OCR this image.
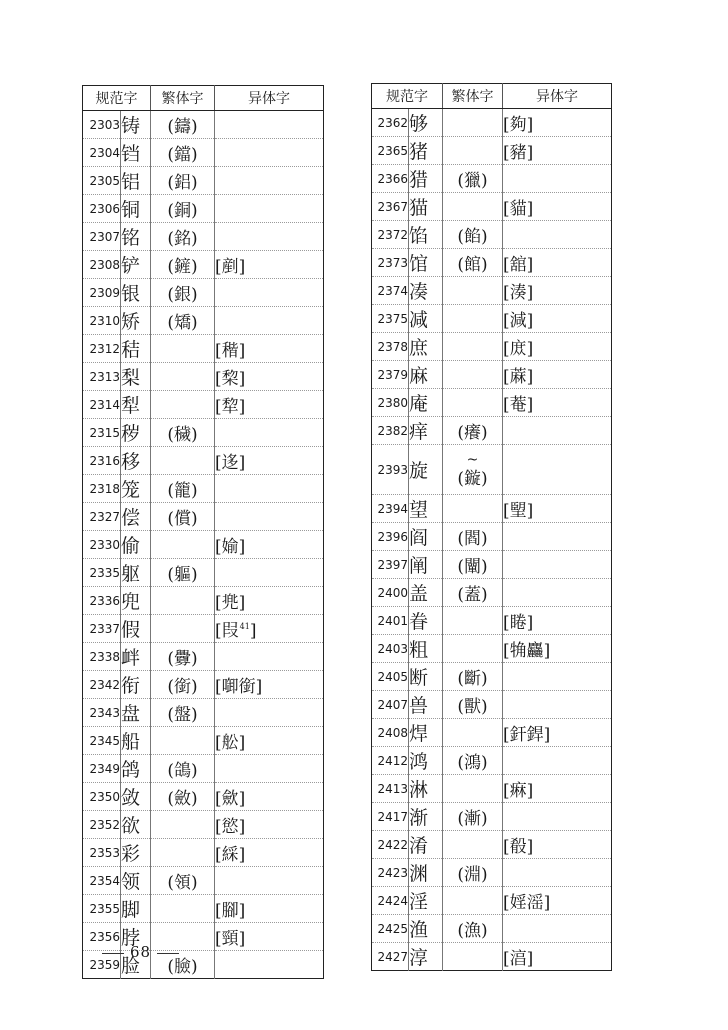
规范字		繁体字	异体字
2303	铸	(鑄)	
2304	铛	(鐺)	
2305	铝	(鋁)	
2306	铜	(銅)	
2307	铭	(銘)	
2308	铲	(鏟)	[剷]
2309	银	(銀)	
2310	矫	(矯)	
2312	秸		[稭]
2313	梨		[棃]
2314	犁		[犂]
2315	秽	(穢)	
2316	移		[迻]
2318	笼	(籠)	
2327	偿	(償)	
2330	偷		[媮]
2335	躯	(軀)	
2336	兜		[兠]
2337	假		[叚$^{41}$]
2338	衅	(釁)	
2342	衔	(銜)	[啣銜]
2343	盘	(盤)	
2345	船		[舩]
2349	鸽	(鴿)	
2350	敛	(斂)	[歛]
2352	欲		[慾]
2353	彩		[綵]
2354	领	(領)	
2355	脚		[腳]
2356	脖		[頸]
2359	脸	(臉)	
规范字		繁体字	异体字
2362	够		[夠]
2365	猪		[豬]
2366	猎	(獵)	
2367	猫		[貓]
2372	馅	(餡)	
2373	馆	(館)	[舘]
2374	凑		[湊]
2375	减		[減]
2378	庶		[庻]
2379	麻		[蔴]
2380	庵		[菴]
2382	痒	(癢)	
2393	旋	~
(鏇)	
2394	望		[朢]
2396	阎	(閻)	
2397	阐	(闡)	
2400	盖	(蓋)	
2401	眷		[睠]
2403	粗		[觕麤]
2405	断	(斷)	
2407	兽	(獸)	
2408	焊		[釬銲]
2412	鸿	(鴻)	
2413	淋		[痳]
2417	渐	(漸)	
2422	淆		[殽]
2423	渊	(淵)	
2424	淫		[婬滛]
2425	渔	(漁)	
2427	淳		[湻]
68
